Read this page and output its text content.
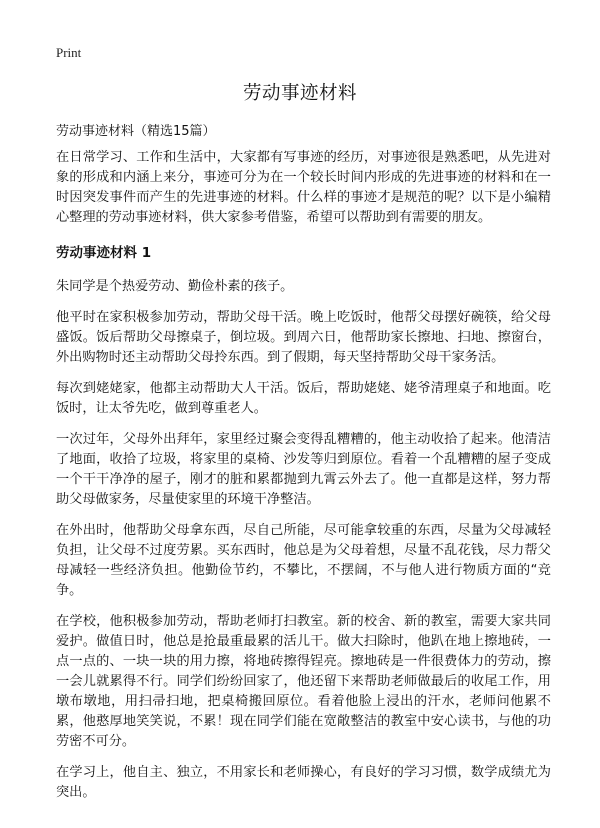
Print
劳动事迹材料
劳动事迹材料（精选15篇）

在日常学习、工作和生活中，大家都有写事迹的经历，对事迹很是熟悉吧，从先进对象的形成和内涵上来分，事迹可分为在一个较长时间内形成的先进事迹的材料和在一时因突发事件而产生的先进事迹的材料。什么样的事迹才是规范的呢？以下是小编精心整理的劳动事迹材料，供大家参考借鉴，希望可以帮助到有需要的朋友。

劳动事迹材料 1

朱同学是个热爱劳动、勤俭朴素的孩子。

他平时在家积极参加劳动，帮助父母干活。晚上吃饭时，他帮父母摆好碗筷，给父母盛饭。饭后帮助父母擦桌子，倒垃圾。到周六日，他帮助家长擦地、扫地、擦窗台，外出购物时还主动帮助父母拎东西。到了假期，每天坚持帮助父母干家务活。

每次到姥姥家，他都主动帮助大人干活。饭后，帮助姥姥、姥爷清理桌子和地面。吃饭时，让太爷先吃，做到尊重老人。

一次过年，父母外出拜年，家里经过聚会变得乱糟糟的，他主动收拾了起来。他清洁了地面，收拾了垃圾，将家里的桌椅、沙发等归到原位。看着一个乱糟糟的屋子变成一个干干净净的屋子，刚才的脏和累都抛到九霄云外去了。他一直都是这样，努力帮助父母做家务，尽量使家里的环境干净整洁。

在外出时，他帮助父母拿东西，尽自己所能，尽可能拿较重的东西，尽量为父母减轻负担，让父母不过度劳累。买东西时，他总是为父母着想，尽量不乱花钱，尽力帮父母减轻一些经济负担。他勤俭节约，不攀比，不摆阔，不与他人进行物质方面的“竞争。

在学校，他积极参加劳动，帮助老师打扫教室。新的校舍、新的教室，需要大家共同爱护。做值日时，他总是抢最重最累的活儿干。做大扫除时，他趴在地上擦地砖，一点一点的、一块一块的用力擦，将地砖擦得锃亮。擦地砖是一件很费体力的劳动，擦一会儿就累得不行。同学们纷纷回家了，他还留下来帮助老师做最后的收尾工作，用墩布墩地，用扫帚扫地，把桌椅搬回原位。看着他脸上浸出的汗水，老师问他累不累，他憨厚地笑笑说，不累！现在同学们能在宽敞整洁的教室中安心读书，与他的功劳密不可分。

在学习上，他自主、独立，不用家长和老师操心，有良好的学习习惯，数学成绩尤为突出。
